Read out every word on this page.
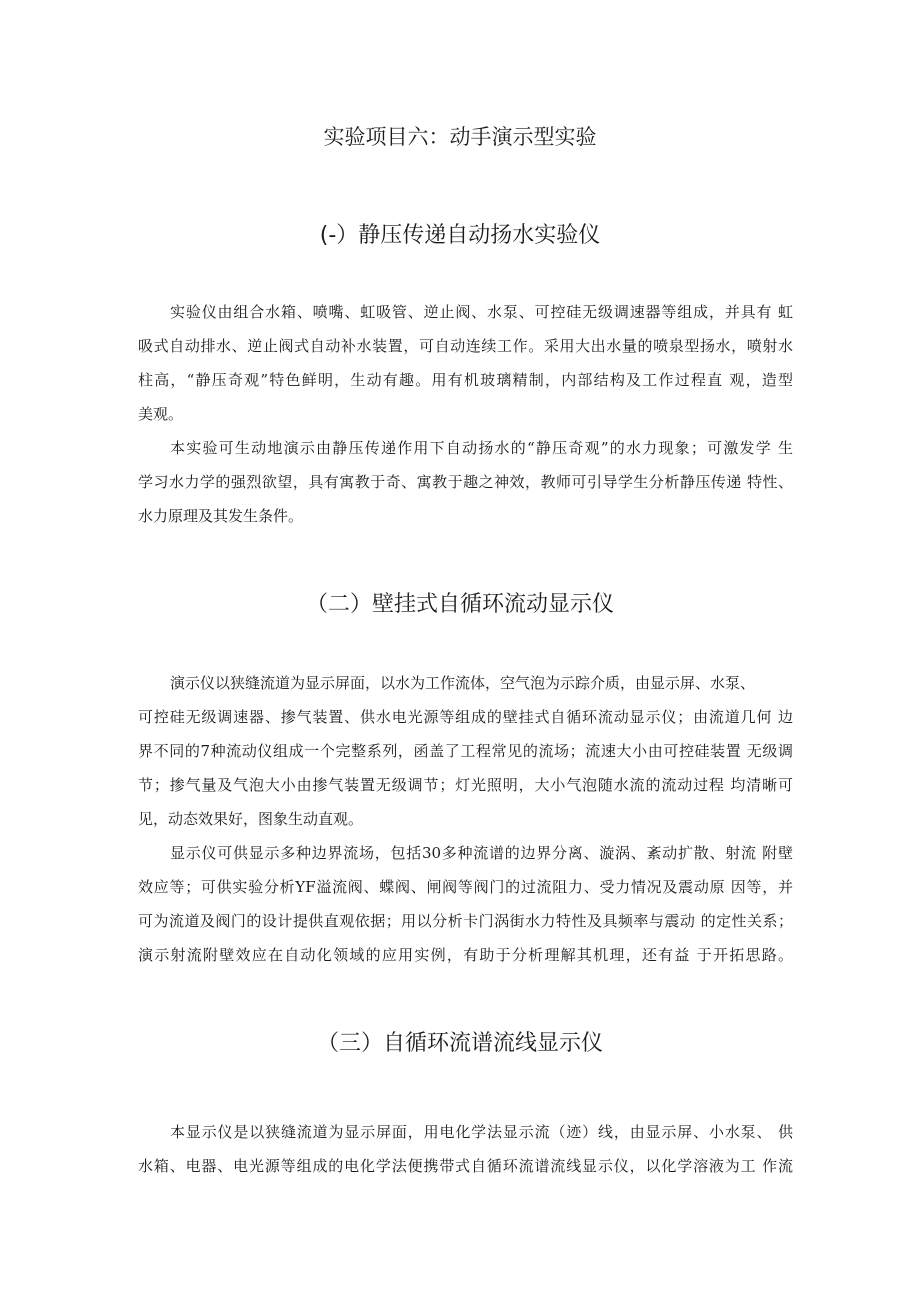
实验项目六：动手演示型实验
(-）静压传递自动扬水实验仪
实验仪由组合水箱、喷嘴、虹吸管、逆止阀、水泵、可控硅无级调速器等组成，并具有 虹
吸式自动排水、逆止阀式自动补水装置，可自动连续工作。采用大出水量的喷泉型扬水，喷射水
柱高，“静压奇观”特色鲜明，生动有趣。用有机玻璃精制，内部结构及工作过程直 观，造型
美观。
本实验可生动地演示由静压传递作用下自动扬水的“静压奇观”的水力现象；可激发学 生
学习水力学的强烈欲望，具有寓教于奇、寓教于趣之神效，教师可引导学生分析静压传递 特性、
水力原理及其发生条件。
（二）壁挂式自循环流动显示仪
演示仪以狭缝流道为显示屏面，以水为工作流体，空气泡为示踪介质，由显示屏、水泵、
可控硅无级调速器、掺气装置、供水电光源等组成的壁挂式自循环流动显示仪；由流道几何 边
界不同的7种流动仪组成一个完整系列，函盖了工程常见的流场；流速大小由可控硅装置 无级调
节；掺气量及气泡大小由掺气装置无级调节；灯光照明，大小气泡随水流的流动过程 均清晰可
见，动态效果好，图象生动直观。
显示仪可供显示多种边界流场，包括30多种流谱的边界分离、漩涡、紊动扩散、射流 附壁
效应等；可供实验分析YF溢流阀、蝶阀、闸阀等阀门的过流阻力、受力情况及震动原 因等，并
可为流道及阀门的设计提供直观依据；用以分析卡门涡街水力特性及具频率与震动 的定性关系；
演示射流附壁效应在自动化领域的应用实例，有助于分析理解其机理，还有益 于开拓思路。
（三）自循环流谱流线显示仪
本显示仪是以狭缝流道为显示屏面，用电化学法显示流（迹）线，由显示屏、小水泵、 供
水箱、电器、电光源等组成的电化学法便携带式自循环流谱流线显示仪，以化学溶液为工 作流
